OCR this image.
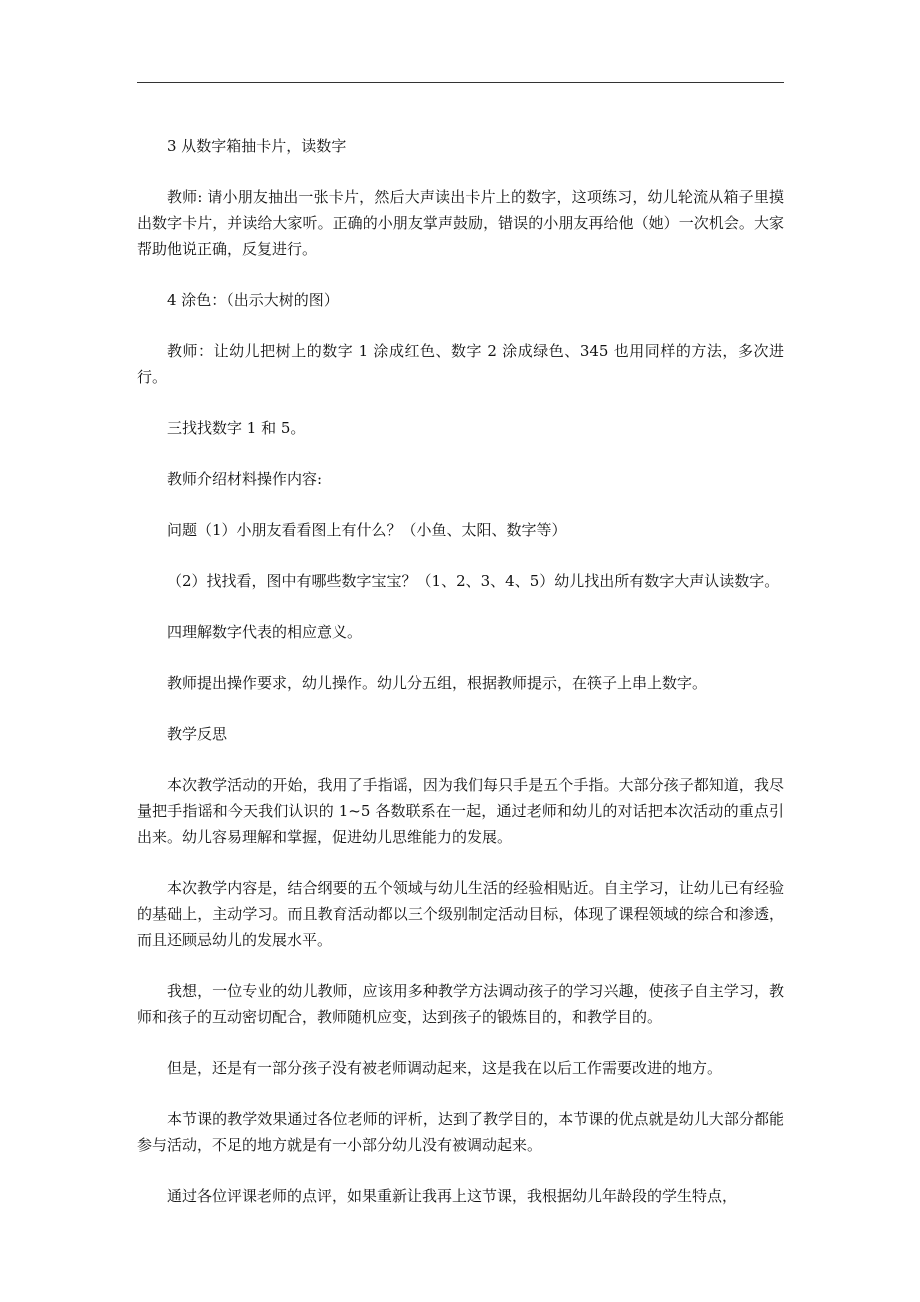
3 从数字箱抽卡片，读数字

教师: 请小朋友抽出一张卡片，然后大声读出卡片上的数字，这项练习，幼儿轮流从箱子里摸出数字卡片，并读给大家听。正确的小朋友掌声鼓励，错误的小朋友再给他（她）一次机会。大家帮助他说正确，反复进行。

4 涂色：（出示大树的图）

教师：让幼儿把树上的数字 1 涂成红色、数字 2 涂成绿色、345 也用同样的方法，多次进行。

三找找数字 1 和 5。

教师介绍材料操作内容:

问题（1）小朋友看看图上有什么？（小鱼、太阳、数字等）

（2）找找看，图中有哪些数字宝宝？（1、2、3、4、5）幼儿找出所有数字大声认读数字。

四理解数字代表的相应意义。

教师提出操作要求，幼儿操作。幼儿分五组，根据教师提示，在筷子上串上数字。

教学反思

本次教学活动的开始，我用了手指谣，因为我们每只手是五个手指。大部分孩子都知道，我尽量把手指谣和今天我们认识的 1~5 各数联系在一起，通过老师和幼儿的对话把本次活动的重点引出来。幼儿容易理解和掌握，促进幼儿思维能力的发展。

本次教学内容是，结合纲要的五个领域与幼儿生活的经验相贴近。自主学习，让幼儿已有经验的基础上，主动学习。而且教育活动都以三个级别制定活动目标，体现了课程领域的综合和渗透，而且还顾忌幼儿的发展水平。

我想，一位专业的幼儿教师，应该用多种教学方法调动孩子的学习兴趣，使孩子自主学习，教师和孩子的互动密切配合，教师随机应变，达到孩子的锻炼目的，和教学目的。

但是，还是有一部分孩子没有被老师调动起来，这是我在以后工作需要改进的地方。

本节课的教学效果通过各位老师的评析，达到了教学目的，本节课的优点就是幼儿大部分都能参与活动，不足的地方就是有一小部分幼儿没有被调动起来。

通过各位评课老师的点评，如果重新让我再上这节课，我根据幼儿年龄段的学生特点，
